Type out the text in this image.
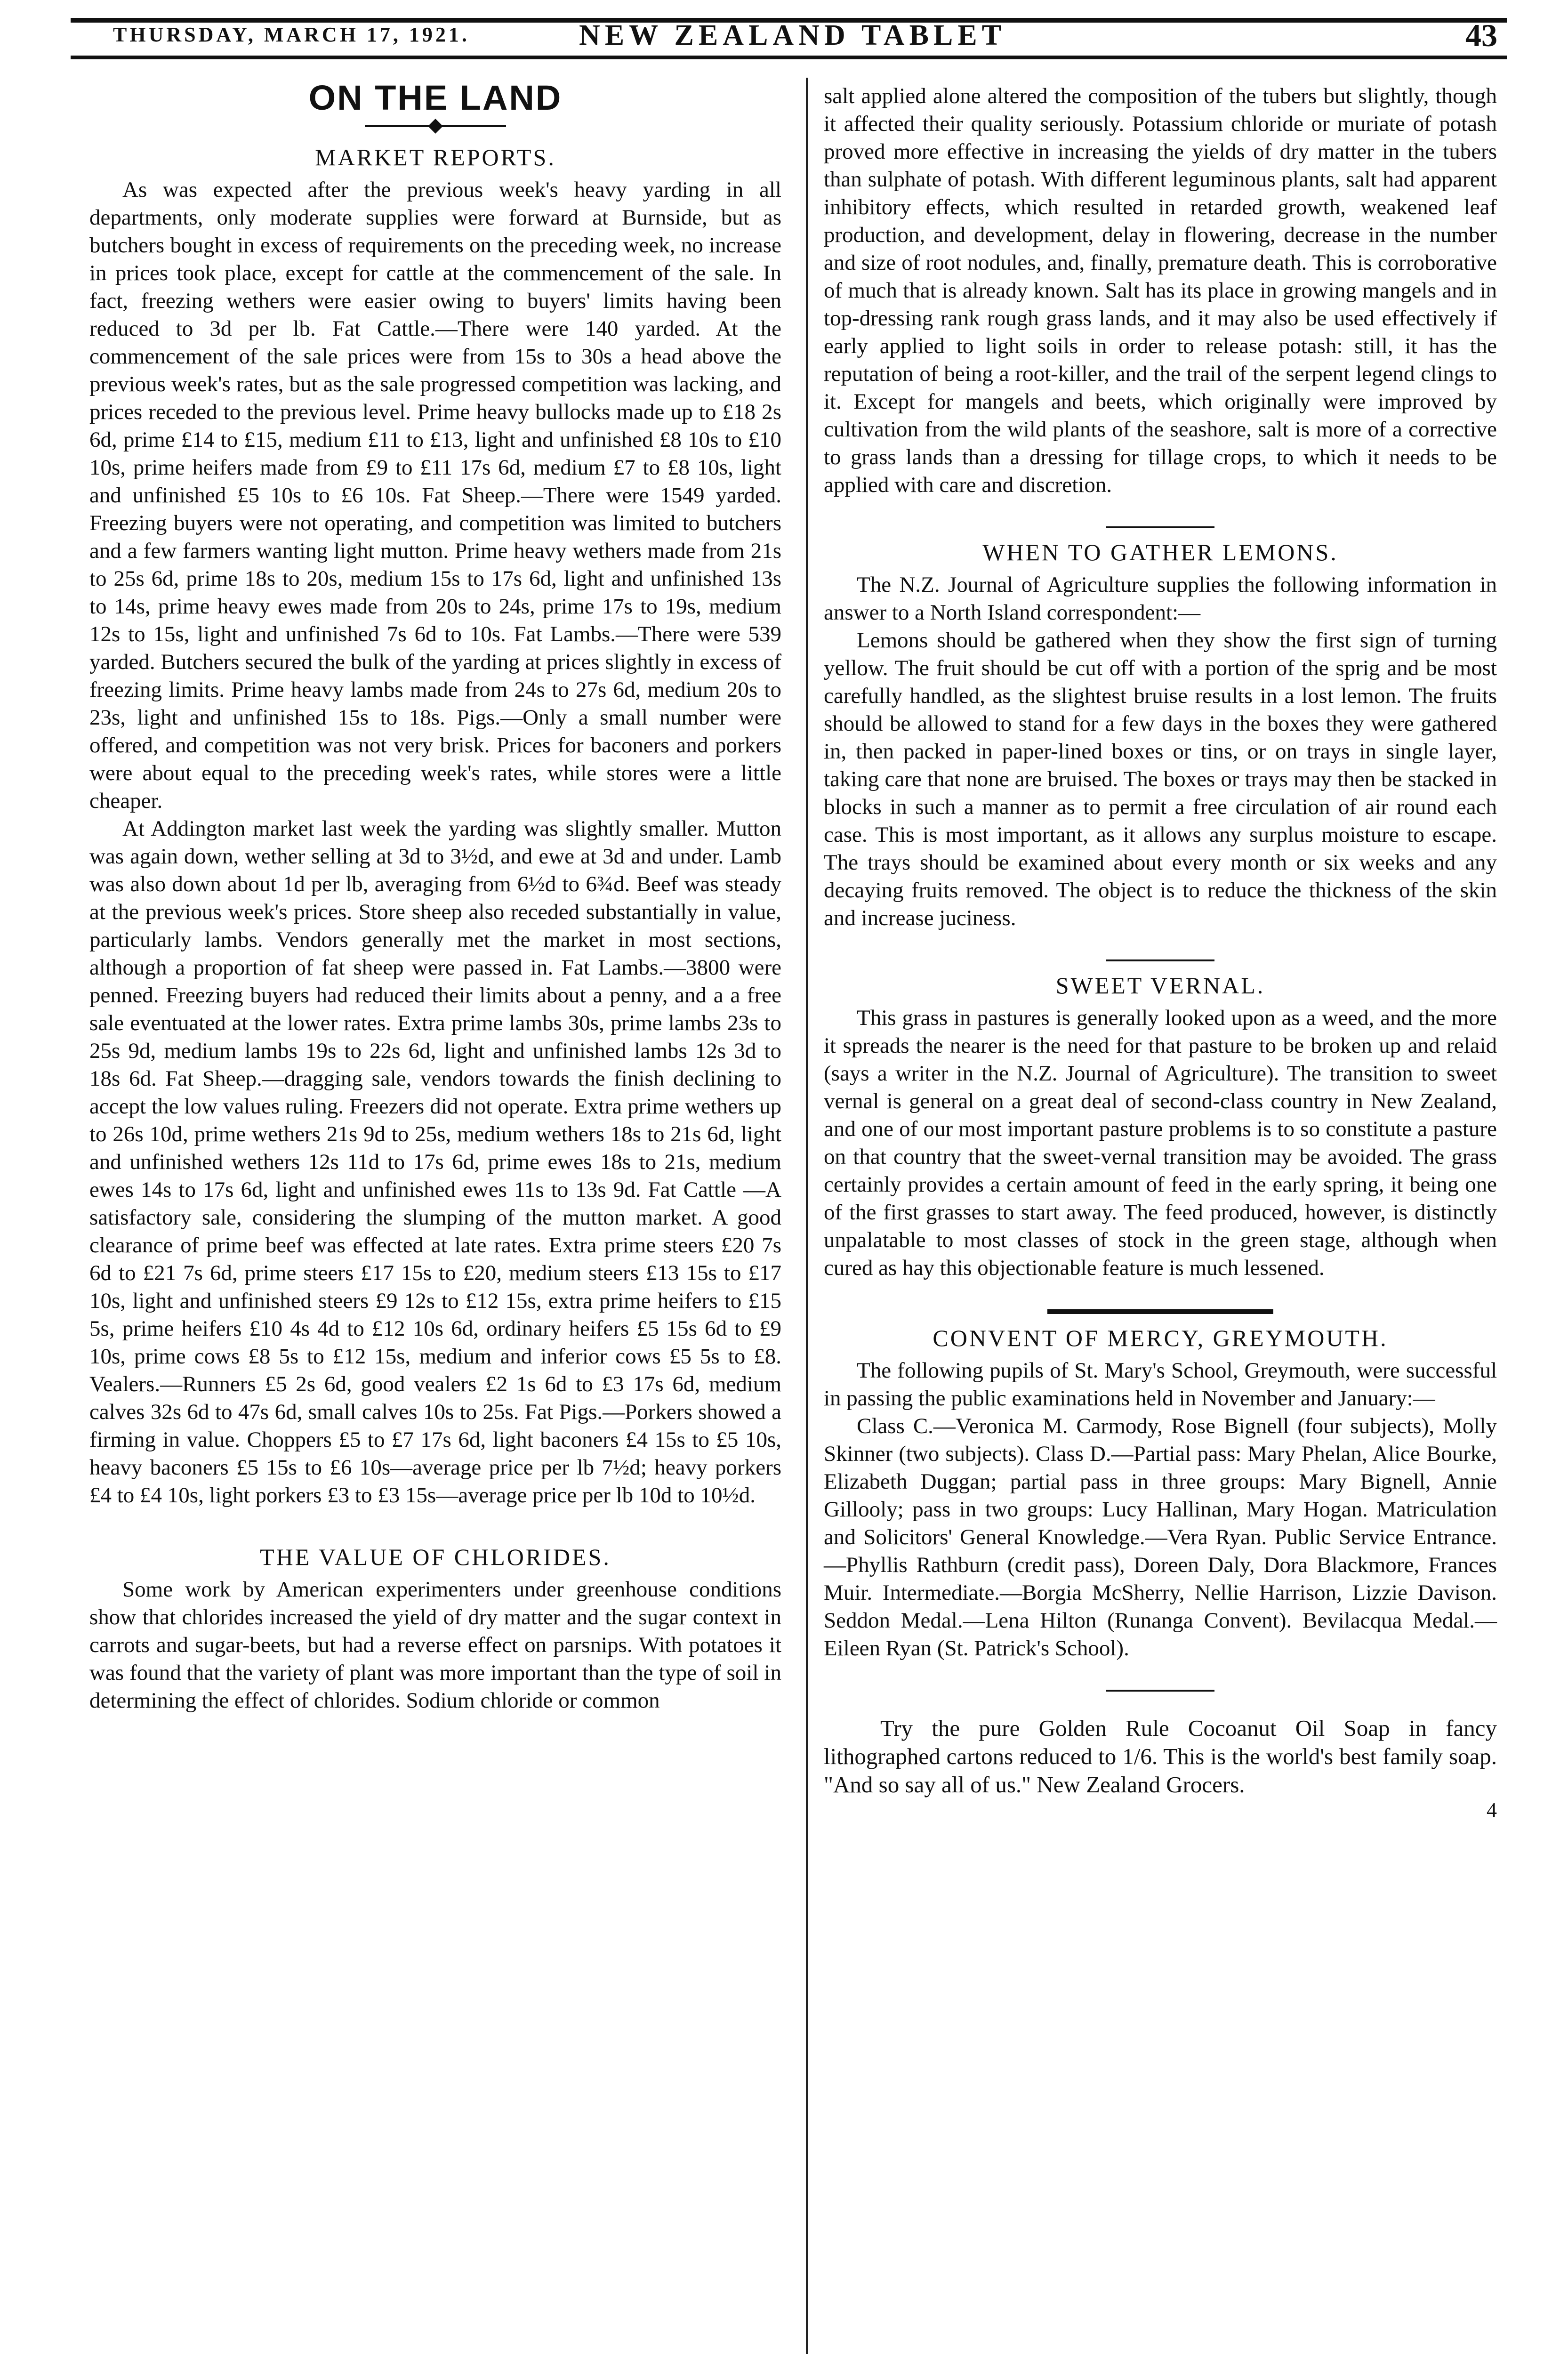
THURSDAY, MARCH 17, 1921.	NEW ZEALAND TABLET	43
ON THE LAND
MARKET REPORTS.

As was expected after the previous week's heavy yarding in all departments, only moderate supplies were forward at Burnside, but as butchers bought in excess of requirements on the preceding week, no increase in prices took place, except for cattle at the commencement of the sale. In fact, freezing wethers were easier owing to buyers' limits having been reduced to 3d per lb. Fat Cattle.—There were 140 yarded. At the commencement of the sale prices were from 15s to 30s a head above the previous week's rates, but as the sale progressed competition was lacking, and prices receded to the previous level. Prime heavy bullocks made up to £18 2s 6d, prime £14 to £15, medium £11 to £13, light and unfinished £8 10s to £10 10s, prime heifers made from £9 to £11 17s 6d, medium £7 to £8 10s, light and unfinished £5 10s to £6 10s. Fat Sheep.—There were 1549 yarded. Freezing buyers were not operating, and competition was limited to butchers and a few farmers wanting light mutton. Prime heavy wethers made from 21s to 25s 6d, prime 18s to 20s, medium 15s to 17s 6d, light and unfinished 13s to 14s, prime heavy ewes made from 20s to 24s, prime 17s to 19s, medium 12s to 15s, light and unfinished 7s 6d to 10s. Fat Lambs.—There were 539 yarded. Butchers secured the bulk of the yarding at prices slightly in excess of freezing limits. Prime heavy lambs made from 24s to 27s 6d, medium 20s to 23s, light and unfinished 15s to 18s. Pigs.—Only a small number were offered, and competition was not very brisk. Prices for baconers and porkers were about equal to the preceding week's rates, while stores were a little cheaper.

At Addington market last week the yarding was slightly smaller. Mutton was again down, wether selling at 3d to 3½d, and ewe at 3d and under. Lamb was also down about 1d per lb, averaging from 6½d to 6¾d. Beef was steady at the previous week's prices. Store sheep also receded substantially in value, particularly lambs. Vendors generally met the market in most sections, although a proportion of fat sheep were passed in. Fat Lambs.—3800 were penned. Freezing buyers had reduced their limits about a penny, and a a free sale eventuated at the lower rates. Extra prime lambs 30s, prime lambs 23s to 25s 9d, medium lambs 19s to 22s 6d, light and unfinished lambs 12s 3d to 18s 6d. Fat Sheep.—dragging sale, vendors towards the finish declining to accept the low values ruling. Freezers did not operate. Extra prime wethers up to 26s 10d, prime wethers 21s 9d to 25s, medium wethers 18s to 21s 6d, light and unfinished wethers 12s 11d to 17s 6d, prime ewes 18s to 21s, medium ewes 14s to 17s 6d, light and unfinished ewes 11s to 13s 9d. Fat Cattle —A satisfactory sale, considering the slumping of the mutton market. A good clearance of prime beef was effected at late rates. Extra prime steers £20 7s 6d to £21 7s 6d, prime steers £17 15s to £20, medium steers £13 15s to £17 10s, light and unfinished steers £9 12s to £12 15s, extra prime heifers to £15 5s, prime heifers £10 4s 4d to £12 10s 6d, ordinary heifers £5 15s 6d to £9 10s, prime cows £8 5s to £12 15s, medium and inferior cows £5 5s to £8. Vealers.—Runners £5 2s 6d, good vealers £2 1s 6d to £3 17s 6d, medium calves 32s 6d to 47s 6d, small calves 10s to 25s. Fat Pigs.—Porkers showed a firming in value. Choppers £5 to £7 17s 6d, light baconers £4 15s to £5 10s, heavy baconers £5 15s to £6 10s—average price per lb 7½d; heavy porkers £4 to £4 10s, light porkers £3 to £3 15s—average price per lb 10d to 10½d.

THE VALUE OF CHLORIDES.

Some work by American experimenters under greenhouse conditions show that chlorides increased the yield of dry matter and the sugar context in carrots and sugar-beets, but had a reverse effect on parsnips. With potatoes it was found that the variety of plant was more important than the type of soil in determining the effect of chlorides. Sodium chloride or common

salt applied alone altered the composition of the tubers but slightly, though it affected their quality seriously. Potassium chloride or muriate of potash proved more effective in increasing the yields of dry matter in the tubers than sulphate of potash. With different leguminous plants, salt had apparent inhibitory effects, which resulted in retarded growth, weakened leaf production, and development, delay in flowering, decrease in the number and size of root nodules, and, finally, premature death. This is corroborative of much that is already known. Salt has its place in growing mangels and in top-dressing rank rough grass lands, and it may also be used effectively if early applied to light soils in order to release potash: still, it has the reputation of being a root-killer, and the trail of the serpent legend clings to it. Except for mangels and beets, which originally were improved by cultivation from the wild plants of the seashore, salt is more of a corrective to grass lands than a dressing for tillage crops, to which it needs to be applied with care and discretion.

WHEN TO GATHER LEMONS.

The N.Z. Journal of Agriculture supplies the following information in answer to a North Island correspondent:—

Lemons should be gathered when they show the first sign of turning yellow. The fruit should be cut off with a portion of the sprig and be most carefully handled, as the slightest bruise results in a lost lemon. The fruits should be allowed to stand for a few days in the boxes they were gathered in, then packed in paper-lined boxes or tins, or on trays in single layer, taking care that none are bruised. The boxes or trays may then be stacked in blocks in such a manner as to permit a free circulation of air round each case. This is most important, as it allows any surplus moisture to escape. The trays should be examined about every month or six weeks and any decaying fruits removed. The object is to reduce the thickness of the skin and increase juciness.

SWEET VERNAL.

This grass in pastures is generally looked upon as a weed, and the more it spreads the nearer is the need for that pasture to be broken up and relaid (says a writer in the N.Z. Journal of Agriculture). The transition to sweet vernal is general on a great deal of second-class country in New Zealand, and one of our most important pasture problems is to so constitute a pasture on that country that the sweet-vernal transition may be avoided. The grass certainly provides a certain amount of feed in the early spring, it being one of the first grasses to start away. The feed produced, however, is distinctly unpalatable to most classes of stock in the green stage, although when cured as hay this objectionable feature is much lessened.

CONVENT OF MERCY, GREYMOUTH.

The following pupils of St. Mary's School, Greymouth, were successful in passing the public examinations held in November and January:—

Class C.—Veronica M. Carmody, Rose Bignell (four subjects), Molly Skinner (two subjects). Class D.—Partial pass: Mary Phelan, Alice Bourke, Elizabeth Duggan; partial pass in three groups: Mary Bignell, Annie Gillooly; pass in two groups: Lucy Hallinan, Mary Hogan. Matriculation and Solicitors' General Knowledge.—Vera Ryan. Public Service Entrance.—Phyllis Rathburn (credit pass), Doreen Daly, Dora Blackmore, Frances Muir. Intermediate.—Borgia McSherry, Nellie Harrison, Lizzie Davison. Seddon Medal.—Lena Hilton (Runanga Convent). Bevilacqua Medal.—Eileen Ryan (St. Patrick's School).

Try the pure Golden Rule Cocoanut Oil Soap in fancy lithographed cartons reduced to 1/6. This is the world's best family soap. "And so say all of us." New Zealand Grocers.

4
